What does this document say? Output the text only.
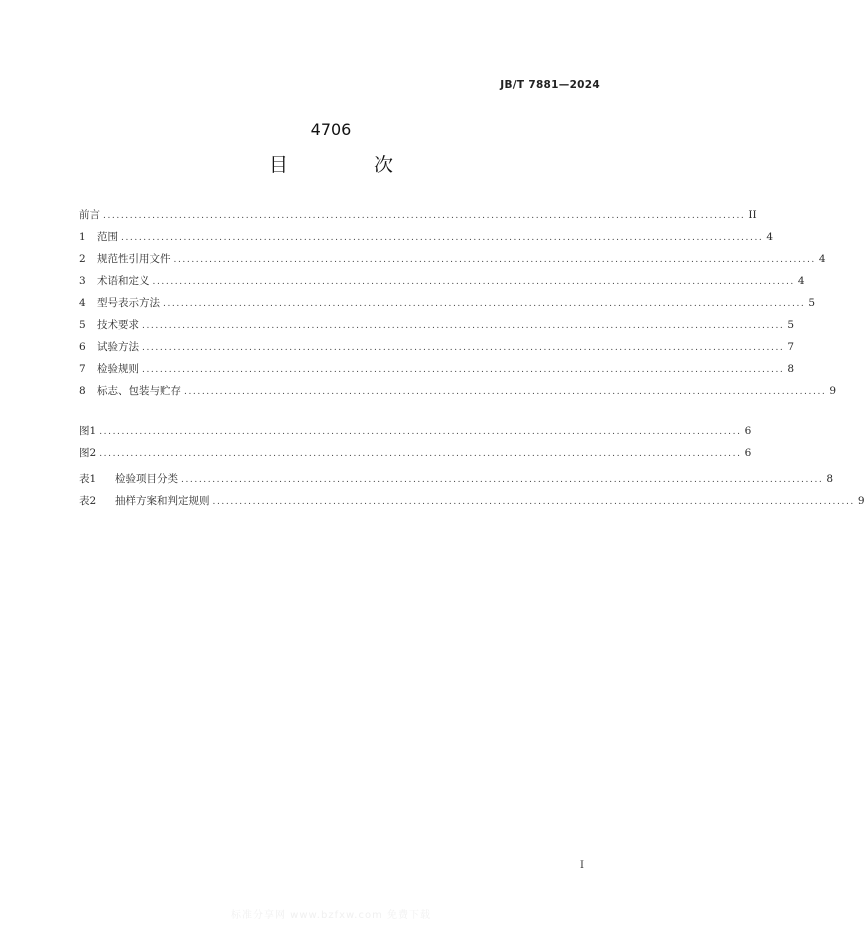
JB/T 7881—2024
4706
目 次
前言 ................................................................................................................................................ II
1	范围 ................................................................................................................................................ 4
2	规范性引用文件 ................................................................................................................................................ 4
3	术语和定义 ................................................................................................................................................ 4
4	型号表示方法 ................................................................................................................................................ 5
5	技术要求 ................................................................................................................................................ 5
6	试验方法 ................................................................................................................................................ 7
7	检验规则 ................................................................................................................................................ 8
8	标志、包装与贮存 ................................................................................................................................................ 9
图1 ................................................................................................................................................ 6
图2 ................................................................................................................................................ 6
表1	检验项目分类 ................................................................................................................................................ 8
表2	抽样方案和判定规则 ................................................................................................................................................ 9
I
标准分享网 www.bzfxw.com 免费下载
